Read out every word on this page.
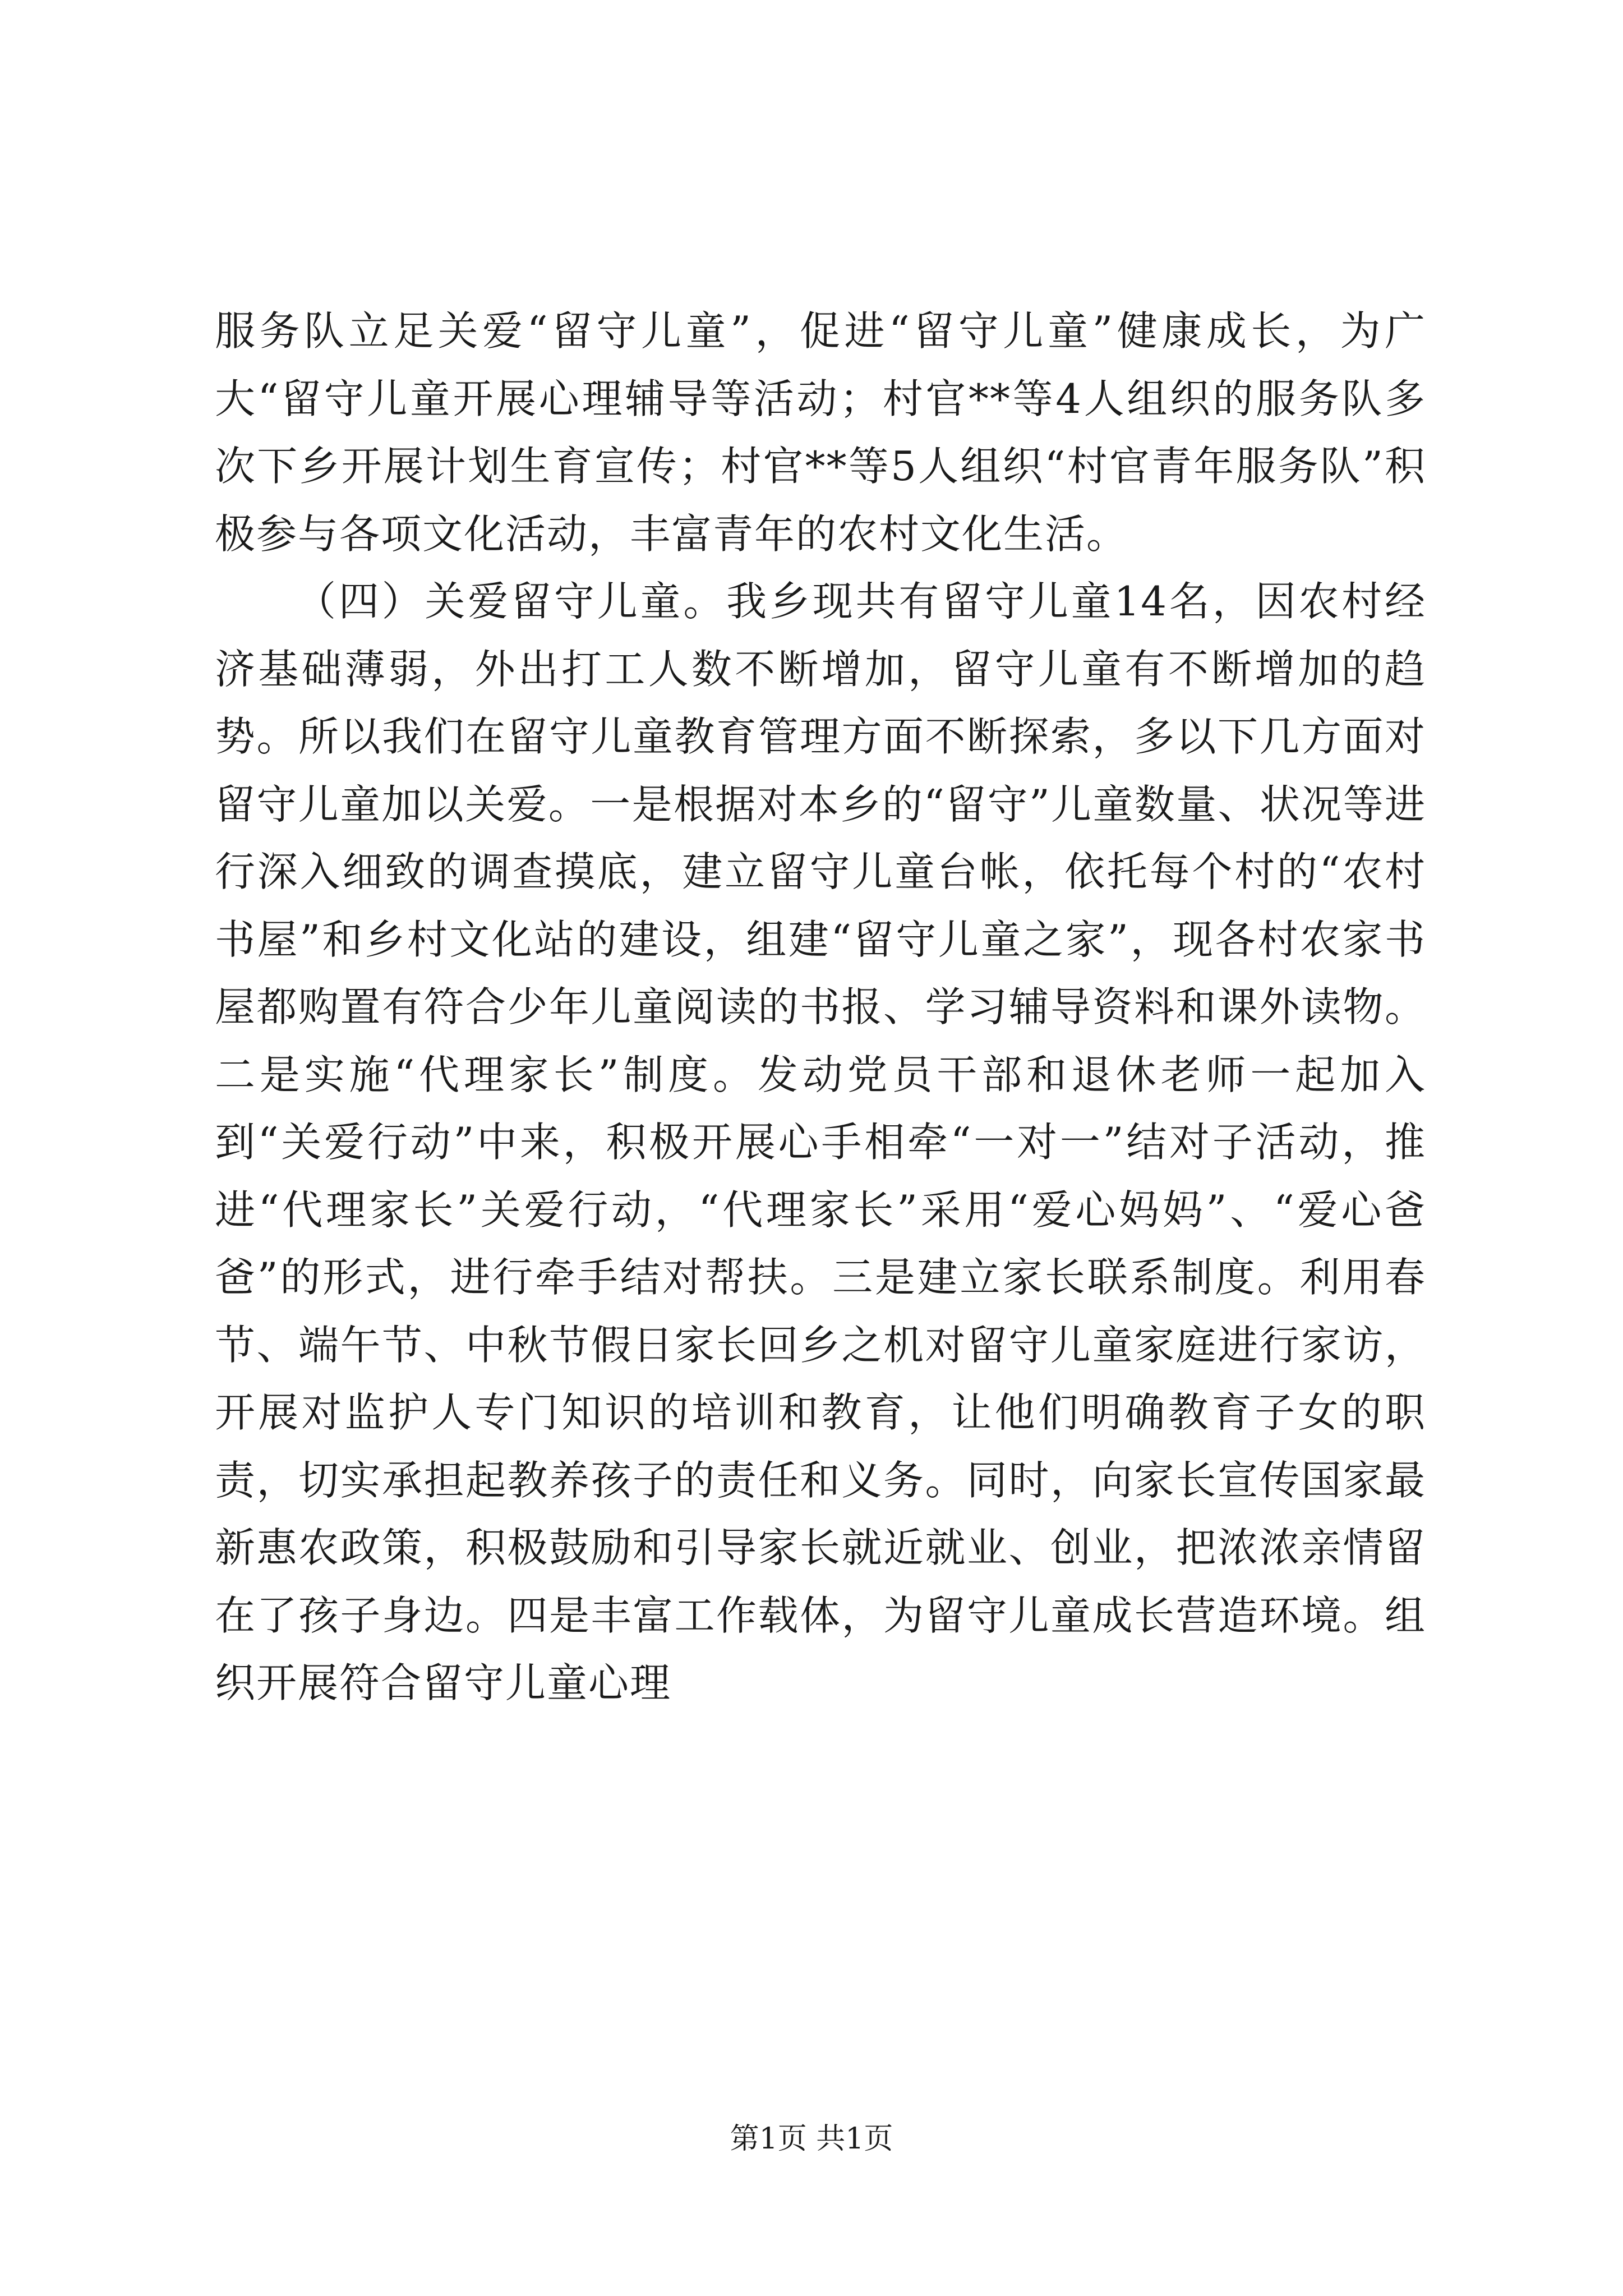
服务队立足关爱“留守儿童”，促进“留守儿童”健康成长，为广大“留守儿童开展心理辅导等活动；村官**等4人组织的服务队多次下乡开展计划生育宣传；村官**等5人组织“村官青年服务队”积极参与各项文化活动，丰富青年的农村文化生活。

（四）关爱留守儿童。我乡现共有留守儿童14名，因农村经济基础薄弱，外出打工人数不断增加，留守儿童有不断增加的趋势。所以我们在留守儿童教育管理方面不断探索，多以下几方面对留守儿童加以关爱。一是根据对本乡的“留守”儿童数量、状况等进行深入细致的调查摸底，建立留守儿童台帐，依托每个村的“农村书屋”和乡村文化站的建设，组建“留守儿童之家”，现各村农家书屋都购置有符合少年儿童阅读的书报、学习辅导资料和课外读物。二是实施“代理家长”制度。发动党员干部和退休老师一起加入到“关爱行动”中来，积极开展心手相牵“一对一”结对子活动，推进“代理家长”关爱行动，“代理家长”采用“爱心妈妈”、“爱心爸爸”的形式，进行牵手结对帮扶。三是建立家长联系制度。利用春节、端午节、中秋节假日家长回乡之机对留守儿童家庭进行家访，开展对监护人专门知识的培训和教育，让他们明确教育子女的职责，切实承担起教养孩子的责任和义务。同时，向家长宣传国家最新惠农政策，积极鼓励和引导家长就近就业、创业，把浓浓亲情留在了孩子身边。四是丰富工作载体，为留守儿童成长营造环境。组织开展符合留守儿童心理

第1页 共1页
